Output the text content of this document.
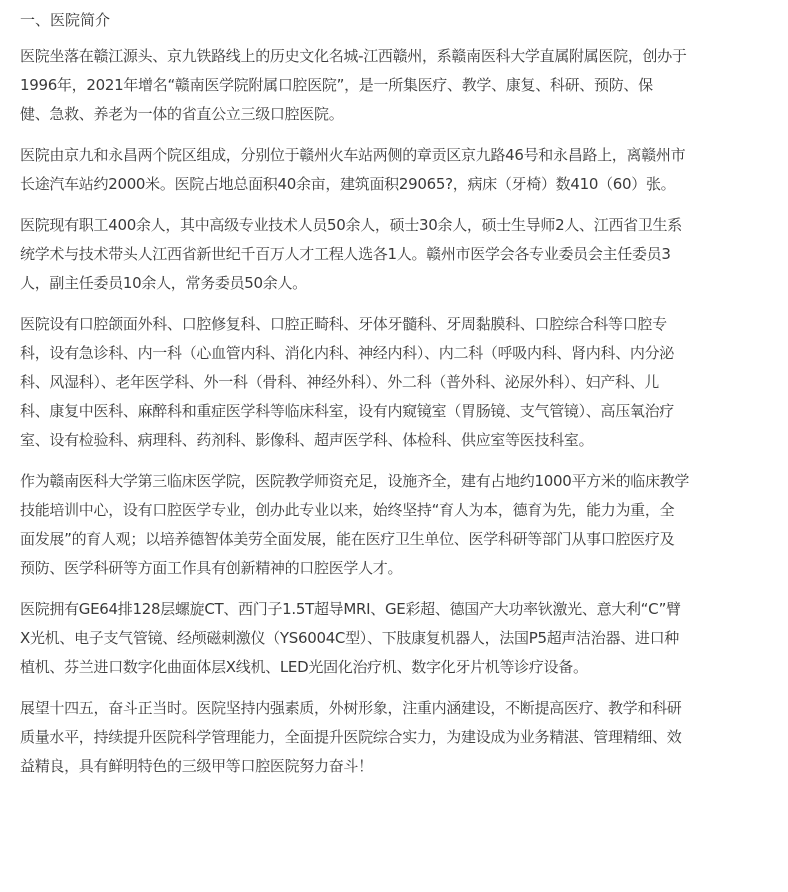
一、医院简介

医院坐落在赣江源头、京九铁路线上的历史文化名城-江西赣州，系赣南医科大学直属附属医院，创办于
1996年，2021年增名“赣南医学院附属口腔医院”，是一所集医疗、教学、康复、科研、预防、保
健、急救、养老为一体的省直公立三级口腔医院。

医院由京九和永昌两个院区组成，分别位于赣州火车站两侧的章贡区京九路46号和永昌路上，离赣州市
长途汽车站约2000米。医院占地总面积40余亩，建筑面积29065?，病床（牙椅）数410（60）张。

医院现有职工400余人，其中高级专业技术人员50余人，硕士30余人，硕士生导师2人、江西省卫生系
统学术与技术带头人江西省新世纪千百万人才工程人选各1人。赣州市医学会各专业委员会主任委员3
人，副主任委员10余人，常务委员50余人。

医院设有口腔颌面外科、口腔修复科、口腔正畸科、牙体牙髓科、牙周黏膜科、口腔综合科等口腔专
科，设有急诊科、内一科（心血管内科、消化内科、神经内科）、内二科（呼吸内科、肾内科、内分泌
科、风湿科）、老年医学科、外一科（骨科、神经外科）、外二科（普外科、泌尿外科）、妇产科、儿
科、康复中医科、麻醉科和重症医学科等临床科室，设有内窥镜室（胃肠镜、支气管镜）、高压氧治疗
室、设有检验科、病理科、药剂科、影像科、超声医学科、体检科、供应室等医技科室。

作为赣南医科大学第三临床医学院，医院教学师资充足，设施齐全，建有占地约1000平方米的临床教学
技能培训中心，设有口腔医学专业，创办此专业以来，始终坚持“育人为本，德育为先，能力为重，全
面发展”的育人观；以培养德智体美劳全面发展，能在医疗卫生单位、医学科研等部门从事口腔医疗及
预防、医学科研等方面工作具有创新精神的口腔医学人才。

医院拥有GE64排128层螺旋CT、西门子1.5T超导MRI、GE彩超、德国产大功率钬激光、意大利“C”臂
X光机、电子支气管镜、经颅磁刺激仪（YS6004C型）、下肢康复机器人，法国P5超声洁治器、进口种
植机、芬兰进口数字化曲面体层X线机、LED光固化治疗机、数字化牙片机等诊疗设备。

展望十四五，奋斗正当时。医院坚持内强素质，外树形象，注重内涵建设，不断提高医疗、教学和科研
质量水平，持续提升医院科学管理能力，全面提升医院综合实力，为建设成为业务精湛、管理精细、效
益精良，具有鲜明特色的三级甲等口腔医院努力奋斗！
